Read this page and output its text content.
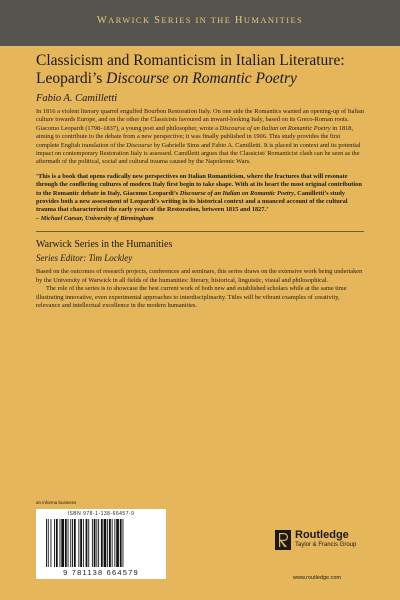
WARWICK SERIES IN THE HUMANITIES
Classicism and Romanticism in Italian Literature:
Leopardi’s Discourse on Romantic Poetry
Fabio A. Camilletti

In 1816 a violent literary quarrel engulfed Bourbon Restoration Italy. On one side the Romantics wanted an opening-up of Italian culture towards Europe, and on the other the Classicists favoured an inward-looking Italy, based on its Greco-Roman roots. Giacomo Leopardi (1798–1837), a young poet and philosopher, wrote a Discourse of an Italian on Romantic Poetry in 1818, aiming to contribute to the debate from a new perspective; it was finally published in 1906. This study provides the first complete English translation of the Discourse by Gabrielle Sims and Fabio A. Camilletti. It is placed in context and its potential impact on contemporary Restoration Italy is assessed. Camilletti argues that the Classicist/ Romanticist clash can be seen as the aftermath of the political, social and cultural trauma caused by the Napoleonic Wars.

‘This is a book that opens radically new perspectives on Italian Romanticism, where the fractures that will resonate through the conflicting cultures of modern Italy first begin to take shape. With at its heart the most original contribution to the Romantic debate in Italy, Giacomo Leopardi’s Discourse of an Italian on Romantic Poetry, Camilletti’s study provides both a new assessment of Leopardi’s writing in its historical context and a nuanced account of the cultural trauma that characterized the early years of the Restoration, between 1815 and 1827.’

– Michael Caesar, University of Birmingham

Warwick Series in the Humanities
Series Editor: Tim Lockley

Based on the outcomes of research projects, conferences and seminars, this series draws on the extensive work being undertaken by the University of Warwick in all fields of the humanities: literary, historical, linguistic, visual and philosophical.

The role of the series is to showcase the best current work of both new and established scholars while at the same time illustrating innovative, even experimental approaches to interdisciplinarity. Titles will be vibrant examples of creativity, relevance and intellectual excellence in the modern humanities.

an informa business
ISBN 978-1-138-66457-9
9 781138 664579
Routledge
Taylor & Francis Group
www.routledge.com
